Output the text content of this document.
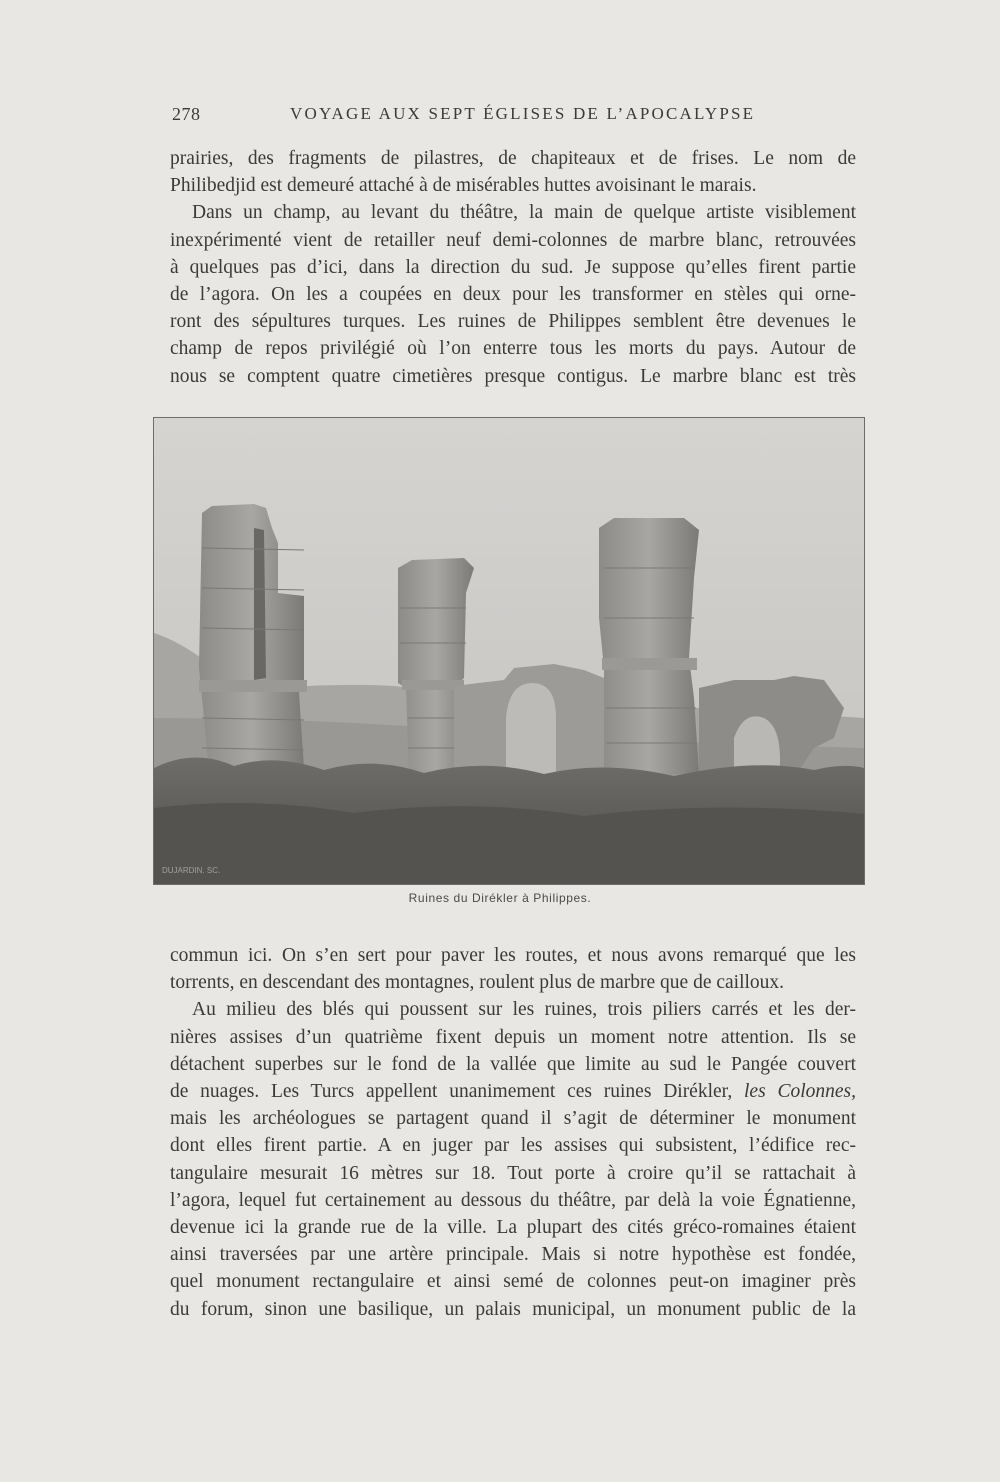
278	VOYAGE AUX SEPT ÉGLISES DE L’APOCALYPSE

prairies, des fragments de pilastres, de chapiteaux et de frises. Le nom de
Philibedjid est demeuré attaché à de misérables huttes avoisinant le marais.

Dans un champ, au levant du théâtre, la main de quelque artiste visiblement
inexpérimenté vient de retailler neuf demi-colonnes de marbre blanc, retrouvées
à quelques pas d’ici, dans la direction du sud. Je suppose qu’elles firent partie
de l’agora. On les a coupées en deux pour les transformer en stèles qui orne-
ront des sépultures turques. Les ruines de Philippes semblent être devenues le
champ de repos privilégié où l’on enterre tous les morts du pays. Autour de
nous se comptent quatre cimetières presque contigus. Le marbre blanc est très

DUJARDIN. SC.
Ruines du Dirékler à Philippes.

commun ici. On s’en sert pour paver les routes, et nous avons remarqué que les
torrents, en descendant des montagnes, roulent plus de marbre que de cailloux.

Au milieu des blés qui poussent sur les ruines, trois piliers carrés et les der-
nières assises d’un quatrième fixent depuis un moment notre attention. Ils se
détachent superbes sur le fond de la vallée que limite au sud le Pangée couvert
de nuages. Les Turcs appellent unanimement ces ruines Dirékler, les Colonnes,
mais les archéologues se partagent quand il s’agit de déterminer le monument
dont elles firent partie. A en juger par les assises qui subsistent, l’édifice rec-
tangulaire mesurait 16 mètres sur 18. Tout porte à croire qu’il se rattachait à
l’agora, lequel fut certainement au dessous du théâtre, par delà la voie Égnatienne,
devenue ici la grande rue de la ville. La plupart des cités gréco-romaines étaient
ainsi traversées par une artère principale. Mais si notre hypothèse est fondée,
quel monument rectangulaire et ainsi semé de colonnes peut-on imaginer près
du forum, sinon une basilique, un palais municipal, un monument public de la
